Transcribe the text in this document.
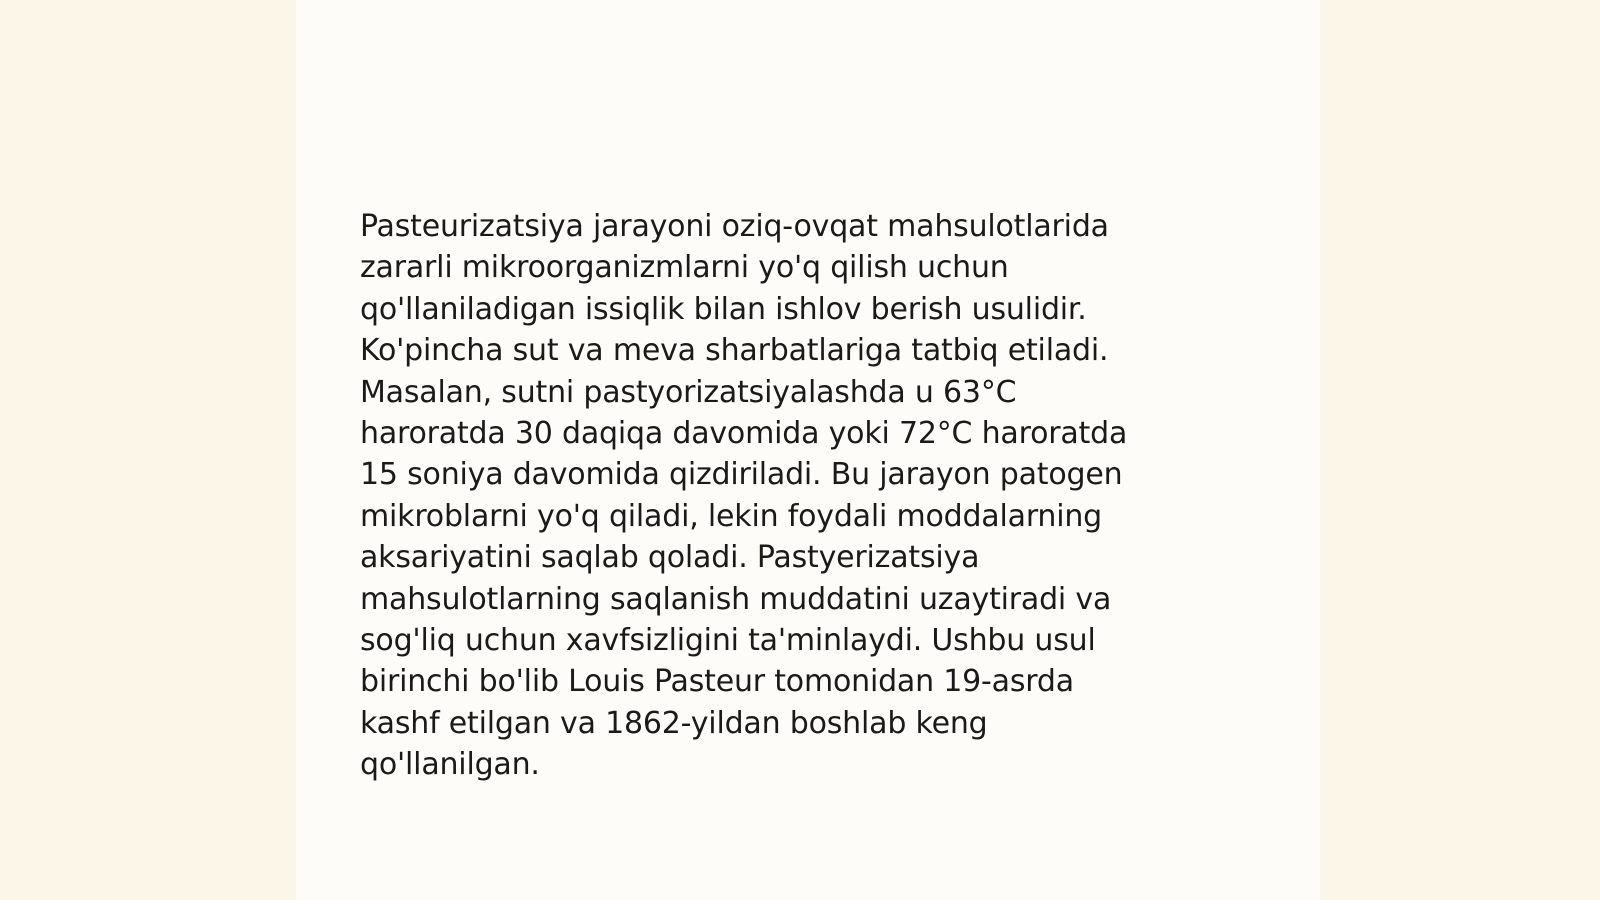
Pasteurizatsiya jarayoni oziq-ovqat mahsulotlarida
zararli mikroorganizmlarni yo'q qilish uchun
qo'llaniladigan issiqlik bilan ishlov berish usulidir.
Ko'pincha sut va meva sharbatlariga tatbiq etiladi.
Masalan, sutni pastyorizatsiyalashda u 63°C
haroratda 30 daqiqa davomida yoki 72°C haroratda
15 soniya davomida qizdiriladi. Bu jarayon patogen
mikroblarni yo'q qiladi, lekin foydali moddalarning
aksariyatini saqlab qoladi. Pastyerizatsiya
mahsulotlarning saqlanish muddatini uzaytiradi va
sog'liq uchun xavfsizligini ta'minlaydi. Ushbu usul
birinchi bo'lib Louis Pasteur tomonidan 19-asrda
kashf etilgan va 1862-yildan boshlab keng
qo'llanilgan.
